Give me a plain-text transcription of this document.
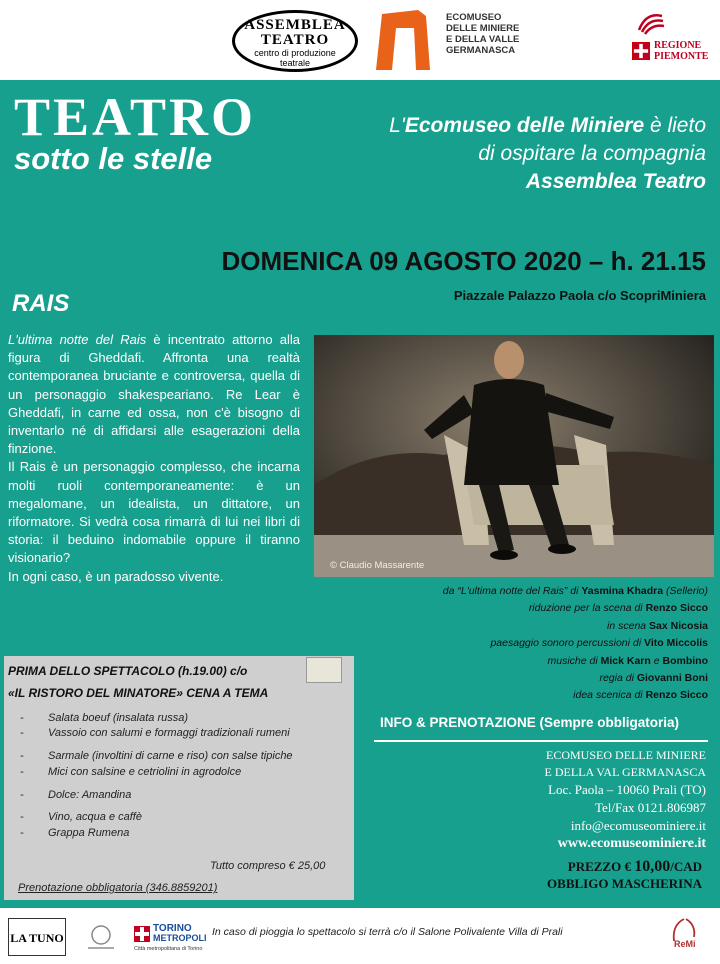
ASSEMBLEA
TEATRO
centro di produzione
teatrale
ECOMUSEO
DELLE MINIERE
E DELLA VALLE
GERMANASCA	REGIONE
PIEMONTE
TEATRO
sotto le stelle
L'Ecomuseo delle Miniere è lieto
di ospitare la compagnia
Assemblea Teatro
DOMENICA 09 AGOSTO 2020 – h. 21.15
RAIS	Piazzale Palazzo Paola c/o ScopriMiniera

L'ultima notte del Rais è incentrato attorno alla figura di Gheddafi. Affronta una realtà contemporanea bruciante e controversa, quella di un personaggio shakespeariano. Re Lear è Gheddafi, in carne ed ossa, non c'è bisogno di inventarlo né di affidarsi alle esagerazioni della finzione.

Il Rais è un personaggio complesso, che incarna molti ruoli contemporaneamente: è un megalomane, un idealista, un dittatore, un riformatore. Si vedrà cosa rimarrà di lui nei libri di storia: il beduino indomabile oppure il tiranno visionario?

In ogni caso, è un paradosso vivente.

© Claudio Massarente
da “L'ultima notte del Rais” di Yasmina Khadra (Sellerio)
riduzione per la scena di Renzo Sicco
in scena Sax Nicosia
paesaggio sonoro percussioni di Vito Miccolis
musiche di Mick Karn e Bombino
regia di Giovanni Boni
idea scenica di Renzo Sicco
PRIMA DELLO SPETTACOLO (h.19.00) c/o
«IL RISTORO DEL MINATORE» CENA A TEMA
- Salata boeuf (insalata russa)
- Vassoio con salumi e formaggi tradizionali rumeni
- Sarmale (involtini di carne e riso) con salse tipiche
- Mici con salsine e cetriolini in agrodolce
- Dolce: Amandina
- Vino, acqua e caffè
- Grappa Rumena
Tutto compreso € 25,00
Prenotazione obbligatoria (346.8859201)
INFO & PRENOTAZIONE (Sempre obbligatoria)
ECOMUSEO DELLE MINIERE
E DELLA VAL GERMANASCA
Loc. Paola – 10060 Prali (TO)
Tel/Fax 0121.806987
info@ecomuseominiere.it
www.ecomuseominiere.it
PREZZO € 10,00/CAD
OBBLIGO MASCHERINA
LA TUNO
TORINO
METROPOLI
Città metropolitana di Torino
In caso di pioggia lo spettacolo si terrà c/o il Salone Polivalente Villa di Prali
ReMi
